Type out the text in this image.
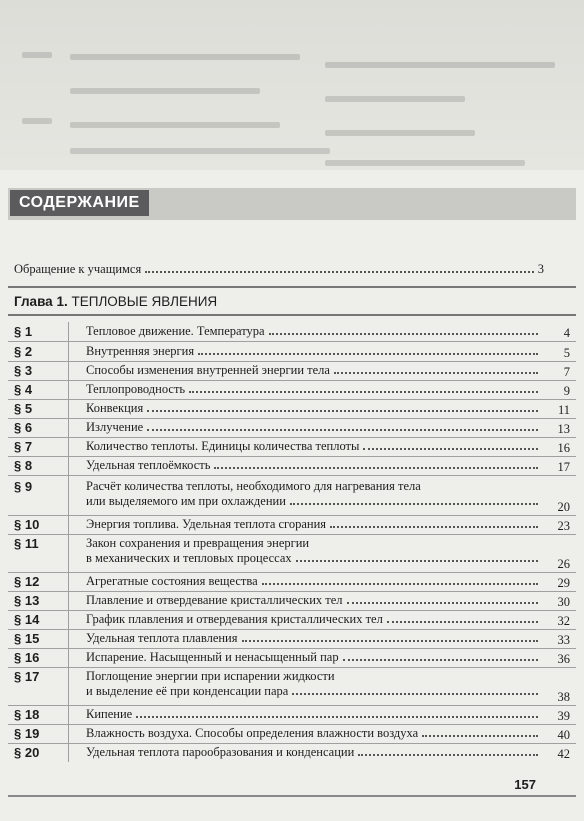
СОДЕРЖАНИЕ
Обращение к учащимся	3
Глава 1. ТЕПЛОВЫЕ ЯВЛЕНИЯ
§ 1	Тепловое движение. Температура	4
§ 2	Внутренняя энергия	5
§ 3	Способы изменения внутренней энергии тела	7
§ 4	Теплопроводность	9
§ 5	Конвекция	11
§ 6	Излучение	13
§ 7	Количество теплоты. Единицы количества теплоты	16
§ 8	Удельная теплоёмкость	17
§ 9	Расчёт количества теплоты, необходимого для нагревания тела
или выделяемого им при охлаждении	20
§ 10	Энергия топлива. Удельная теплота сгорания	23
§ 11	Закон сохранения и превращения энергии
в механических и тепловых процессах	26
§ 12	Агрегатные состояния вещества	29
§ 13	Плавление и отвердевание кристаллических тел	30
§ 14	График плавления и отвердевания кристаллических тел	32
§ 15	Удельная теплота плавления	33
§ 16	Испарение. Насыщенный и ненасыщенный пар	36
§ 17	Поглощение энергии при испарении жидкости
и выделение её при конденсации пара	38
§ 18	Кипение	39
§ 19	Влажность воздуха. Способы определения влажности воздуха	40
§ 20	Удельная теплота парообразования и конденсации	42
157
